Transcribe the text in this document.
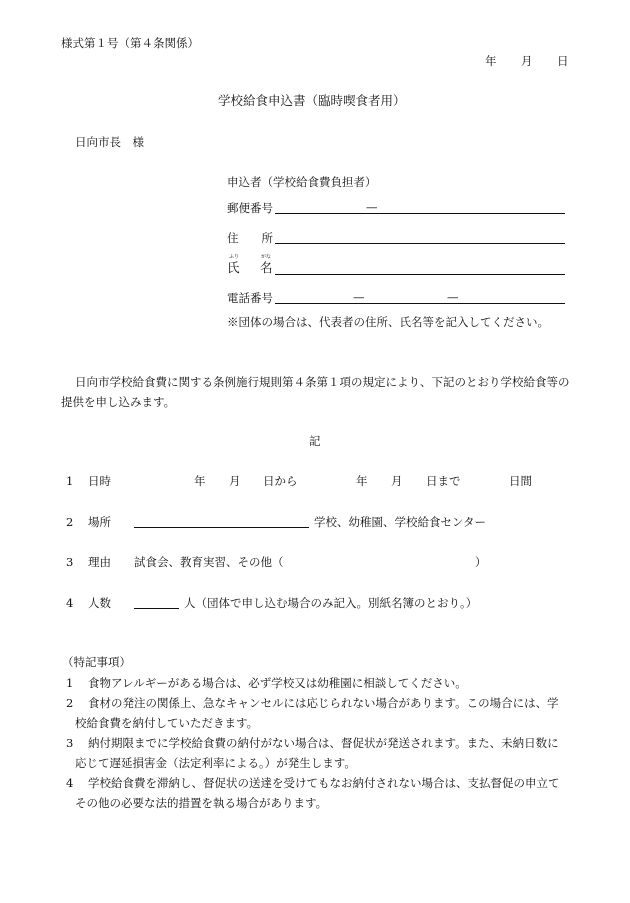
様式第１号（第４条関係）
年 月 日
学校給食申込書（臨時喫食者用）
日向市長　様
申込者（学校給食費負担者）
郵便番号	—
住　　所
ふり	がな
氏 名
電話番号	—	—
※団体の場合は、代表者の住所、氏名等を記入してください。
日向市学校給食費に関する条例施行規則第４条第１項の規定により、下記のとおり学校給食等の提供を申し込みます。
記
1 日時	年 月 日から	年 月 日まで	日間
2 場所	学校、幼稚園、学校給食センター
3 理由 試食会、教育実習、その他（	）
4 人数	人（団体で申し込む場合のみ記入。別紙名簿のとおり。）
（特記事項）
1 食物アレルギーがある場合は、必ず学校又は幼稚園に相談してください。
2 食材の発注の関係上、急なキャンセルには応じられない場合があります。この場合には、学
校給食費を納付していただきます。
3 納付期限までに学校給食費の納付がない場合は、督促状が発送されます。また、未納日数に
応じて遅延損害金（法定利率による。）が発生します。
4 学校給食費を滞納し、督促状の送達を受けてもなお納付されない場合は、支払督促の申立て
その他の必要な法的措置を執る場合があります。
